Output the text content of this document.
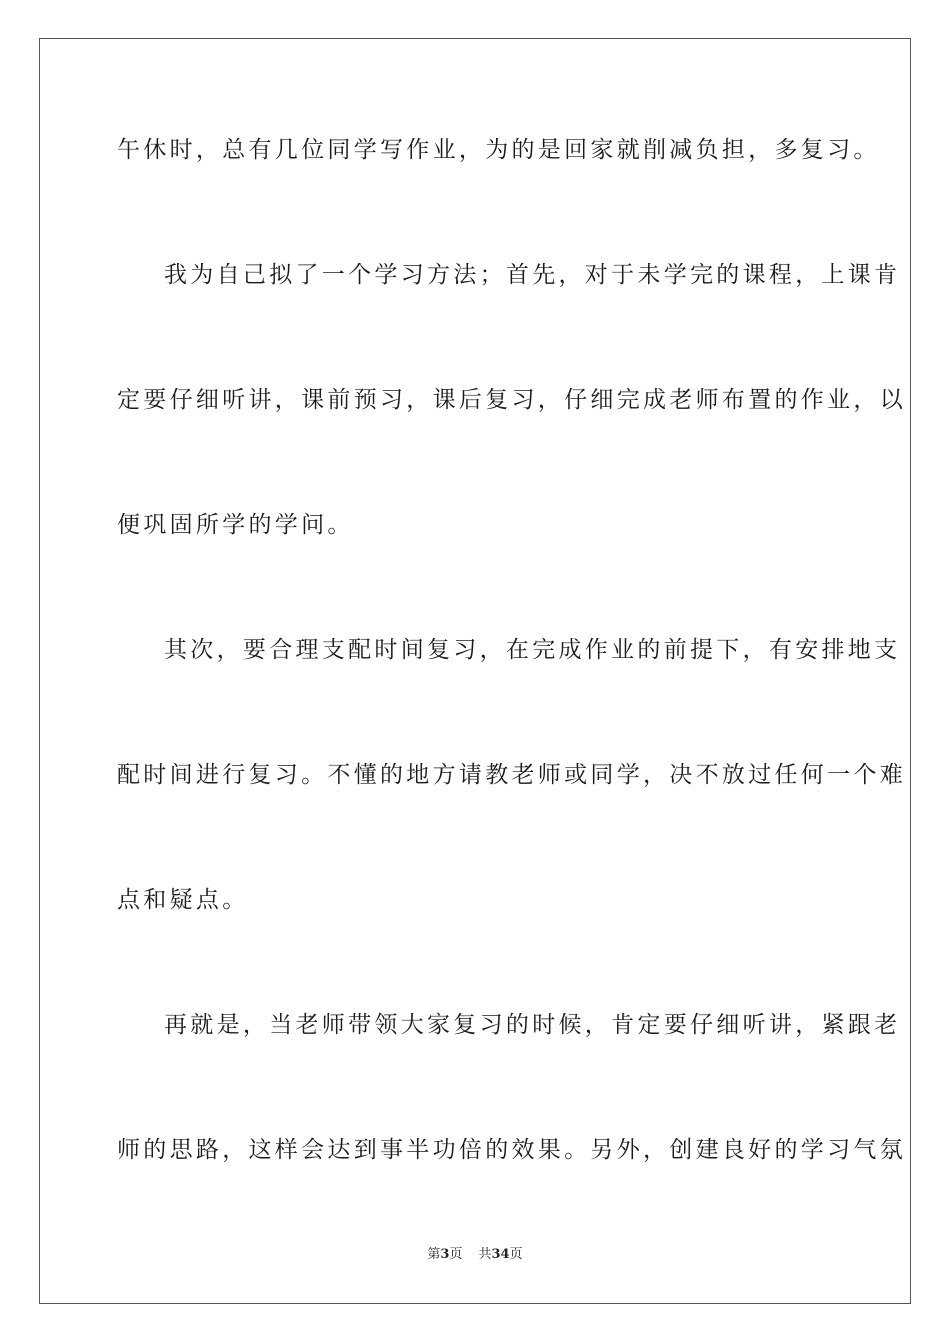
午休时，总有几位同学写作业，为的是回家就削减负担，多复习。
我为自己拟了一个学习方法；首先，对于未学完的课程，上课肯
定要仔细听讲，课前预习，课后复习，仔细完成老师布置的作业，以
便巩固所学的学问。
其次，要合理支配时间复习，在完成作业的前提下，有安排地支
配时间进行复习。不懂的地方请教老师或同学，决不放过任何一个难
点和疑点。
再就是，当老师带领大家复习的时候，肯定要仔细听讲，紧跟老
师的思路，这样会达到事半功倍的效果。另外，创建良好的学习气氛
第3页 共34页
